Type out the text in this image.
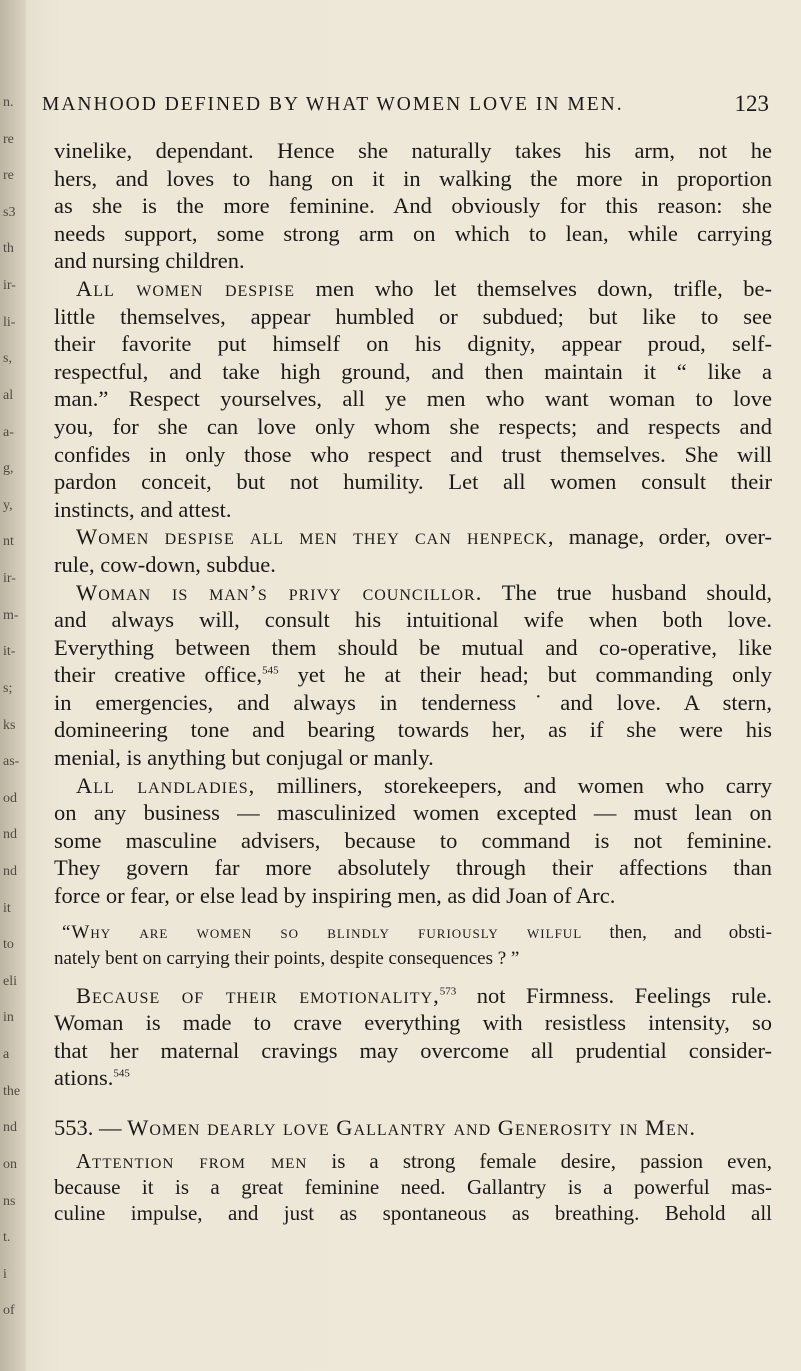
MANHOOD DEFINED BY WHAT WOMEN LOVE IN MEN.	123
vinelike, dependant. Hence she naturally takes his arm, not he
hers, and loves to hang on it in walking the more in proportion
as she is the more feminine. And obviously for this reason: she
needs support, some strong arm on which to lean, while carrying
and nursing children.
All women despise men who let themselves down, trifle, be-
little themselves, appear humbled or subdued; but like to see
their favorite put himself on his dignity, appear proud, self-
respectful, and take high ground, and then maintain it “ like a
man.” Respect yourselves, all ye men who want woman to love
you, for she can love only whom she respects; and respects and
confides in only those who respect and trust themselves. She will
pardon conceit, but not humility. Let all women consult their
instincts, and attest.
Women despise all men they can henpeck, manage, order, over-
rule, cow-down, subdue.
Woman is man’s privy councillor. The true husband should,
and always will, consult his intuitional wife when both love.
Everything between them should be mutual and co-operative, like
their creative office,$^{545}$ yet he at their head; but commanding only
in emergencies, and always in tenderness˙and love. A stern,
domineering tone and bearing towards her, as if she were his
menial, is anything but conjugal or manly.
All landladies, milliners, storekeepers, and women who carry
on any business — masculinized women excepted — must lean on
some masculine advisers, because to command is not feminine.
They govern far more absolutely through their affections than
force or fear, or else lead by inspiring men, as did Joan of Arc.
“Why are women so blindly furiously wilful then, and obsti-
nately bent on carrying their points, despite consequences ? ”
Because of their emotionality,$^{573}$ not Firmness. Feelings rule.
Woman is made to crave everything with resistless intensity, so
that her maternal cravings may overcome all prudential consider-
ations.$^{545}$
553. — Women dearly love Gallantry and Generosity in Men.
Attention from men is a strong female desire, passion even,
because it is a great feminine need. Gallantry is a powerful mas-
culine impulse, and just as spontaneous as breathing. Behold all
n.
re
re
s3
th
ir-
li-
s,
al
a-
g,
y,
nt
ir-
m-
it-
s;
ks
as-
od
nd
nd
it
to
eli
in
a
the
nd
on
ns
t.
i
of
